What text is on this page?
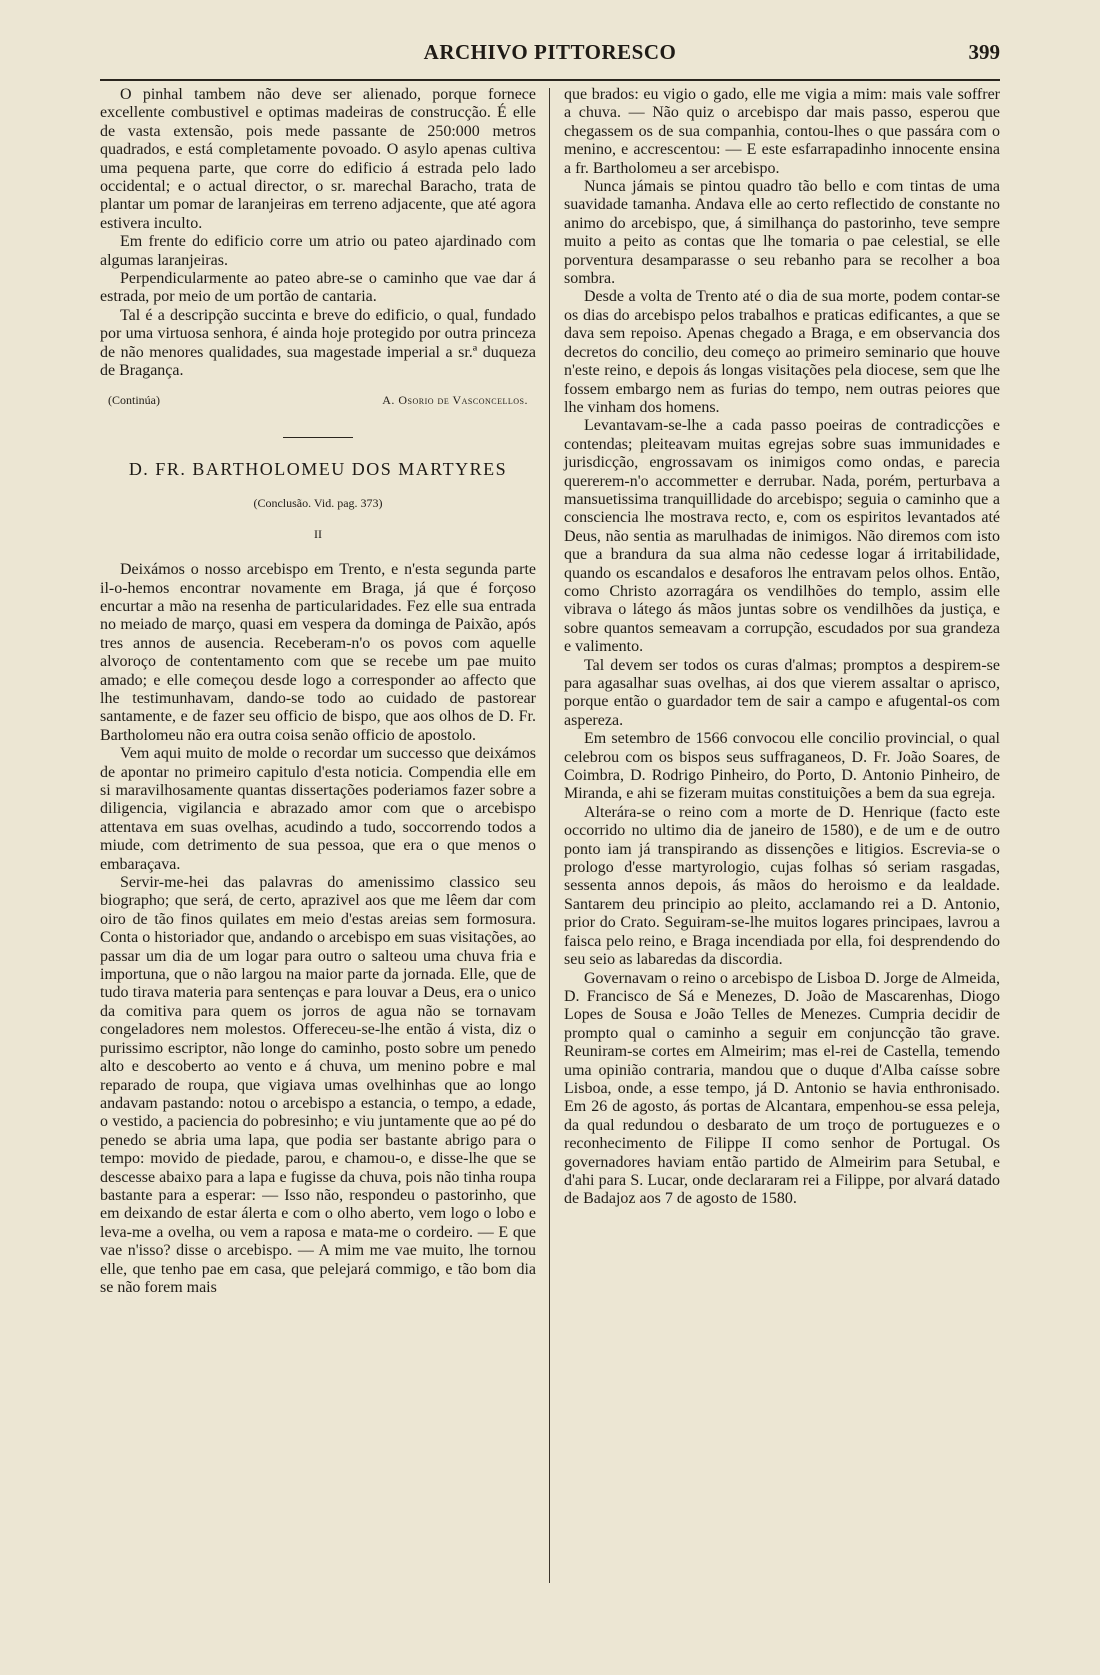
ARCHIVO PITTORESCO	399

O pinhal tambem não deve ser alienado, porque fornece excellente combustivel e optimas madeiras de construcção. É elle de vasta extensão, pois mede passante de 250:000 metros quadrados, e está completamente povoado. O asylo apenas cultiva uma pequena parte, que corre do edificio á estrada pelo lado occidental; e o actual director, o sr. marechal Baracho, trata de plantar um pomar de laranjeiras em terreno adjacente, que até agora estivera inculto.

Em frente do edificio corre um atrio ou pateo ajardinado com algumas laranjeiras.

Perpendicularmente ao pateo abre-se o caminho que vae dar á estrada, por meio de um portão de cantaria.

Tal é a descripção succinta e breve do edificio, o qual, fundado por uma virtuosa senhora, é ainda hoje protegido por outra princeza de não menores qualidades, sua magestade imperial a sr.ª duqueza de Bragança.

(Continúa)	A. Osorio de Vasconcellos.
D. FR. BARTHOLOMEU DOS MARTYRES
(Conclusão. Vid. pag. 373)
II

Deixámos o nosso arcebispo em Trento, e n'esta segunda parte il-o-hemos encontrar novamente em Braga, já que é forçoso encurtar a mão na resenha de particularidades. Fez elle sua entrada no meiado de março, quasi em vespera da dominga de Paixão, após tres annos de ausencia. Receberam-n'o os povos com aquelle alvoroço de contentamento com que se recebe um pae muito amado; e elle começou desde logo a corresponder ao affecto que lhe testimunhavam, dando-se todo ao cuidado de pastorear santamente, e de fazer seu officio de bispo, que aos olhos de D. Fr. Bartholomeu não era outra coisa senão officio de apostolo.

Vem aqui muito de molde o recordar um successo que deixámos de apontar no primeiro capitulo d'esta noticia. Compendia elle em si maravilhosamente quantas dissertações poderiamos fazer sobre a diligencia, vigilancia e abrazado amor com que o arcebispo attentava em suas ovelhas, acudindo a tudo, soccorrendo todos a miude, com detrimento de sua pessoa, que era o que menos o embaraçava.

Servir-me-hei das palavras do amenissimo classico seu biographo; que será, de certo, aprazivel aos que me lêem dar com oiro de tão finos quilates em meio d'estas areias sem formosura. Conta o historiador que, andando o arcebispo em suas visitações, ao passar um dia de um logar para outro o salteou uma chuva fria e importuna, que o não largou na maior parte da jornada. Elle, que de tudo tirava materia para sentenças e para louvar a Deus, era o unico da comitiva para quem os jorros de agua não se tornavam congeladores nem molestos. Offereceu-se-lhe então á vista, diz o purissimo escriptor, não longe do caminho, posto sobre um penedo alto e descoberto ao vento e á chuva, um menino pobre e mal reparado de roupa, que vigiava umas ovelhinhas que ao longo andavam pastando: notou o arcebispo a estancia, o tempo, a edade, o vestido, a paciencia do pobresinho; e viu juntamente que ao pé do penedo se abria uma lapa, que podia ser bastante abrigo para o tempo: movido de piedade, parou, e chamou-o, e disse-lhe que se descesse abaixo para a lapa e fugisse da chuva, pois não tinha roupa bastante para a esperar: — Isso não, respondeu o pastorinho, que em deixando de estar álerta e com o olho aberto, vem logo o lobo e leva-me a ovelha, ou vem a raposa e mata-me o cordeiro. — E que vae n'isso? disse o arcebispo. — A mim me vae muito, lhe tornou elle, que tenho pae em casa, que pelejará commigo, e tão bom dia se não forem mais

que brados: eu vigio o gado, elle me vigia a mim: mais vale soffrer a chuva. — Não quiz o arcebispo dar mais passo, esperou que chegassem os de sua companhia, contou-lhes o que passára com o menino, e accrescentou: — E este esfarrapadinho innocente ensina a fr. Bartholomeu a ser arcebispo.

Nunca jámais se pintou quadro tão bello e com tintas de uma suavidade tamanha. Andava elle ao certo reflectido de constante no animo do arcebispo, que, á similhança do pastorinho, teve sempre muito a peito as contas que lhe tomaria o pae celestial, se elle porventura desamparasse o seu rebanho para se recolher a boa sombra.

Desde a volta de Trento até o dia de sua morte, podem contar-se os dias do arcebispo pelos trabalhos e praticas edificantes, a que se dava sem repoiso. Apenas chegado a Braga, e em observancia dos decretos do concilio, deu começo ao primeiro seminario que houve n'este reino, e depois ás longas visitações pela diocese, sem que lhe fossem embargo nem as furias do tempo, nem outras peiores que lhe vinham dos homens.

Levantavam-se-lhe a cada passo poeiras de contradicções e contendas; pleiteavam muitas egrejas sobre suas immunidades e jurisdicção, engrossavam os inimigos como ondas, e parecia quererem-n'o accommetter e derrubar. Nada, porém, perturbava a mansuetissima tranquillidade do arcebispo; seguia o caminho que a consciencia lhe mostrava recto, e, com os espiritos levantados até Deus, não sentia as marulhadas de inimigos. Não diremos com isto que a brandura da sua alma não cedesse logar á irritabilidade, quando os escandalos e desaforos lhe entravam pelos olhos. Então, como Christo azorragára os vendilhões do templo, assim elle vibrava o látego ás mãos juntas sobre os vendilhões da justiça, e sobre quantos semeavam a corrupção, escudados por sua grandeza e valimento.

Tal devem ser todos os curas d'almas; promptos a despirem-se para agasalhar suas ovelhas, ai dos que vierem assaltar o aprisco, porque então o guardador tem de sair a campo e afugental-os com aspereza.

Em setembro de 1566 convocou elle concilio provincial, o qual celebrou com os bispos seus suffraganeos, D. Fr. João Soares, de Coimbra, D. Rodrigo Pinheiro, do Porto, D. Antonio Pinheiro, de Miranda, e ahi se fizeram muitas constituições a bem da sua egreja.

Alterára-se o reino com a morte de D. Henrique (facto este occorrido no ultimo dia de janeiro de 1580), e de um e de outro ponto iam já transpirando as dissenções e litigios. Escrevia-se o prologo d'esse martyrologio, cujas folhas só seriam rasgadas, sessenta annos depois, ás mãos do heroismo e da lealdade. Santarem deu principio ao pleito, acclamando rei a D. Antonio, prior do Crato. Seguiram-se-lhe muitos logares principaes, lavrou a faisca pelo reino, e Braga incendiada por ella, foi desprendendo do seu seio as labaredas da discordia.

Governavam o reino o arcebispo de Lisboa D. Jorge de Almeida, D. Francisco de Sá e Menezes, D. João de Mascarenhas, Diogo Lopes de Sousa e João Telles de Menezes. Cumpria decidir de prompto qual o caminho a seguir em conjuncção tão grave. Reuniram-se cortes em Almeirim; mas el-rei de Castella, temendo uma opinião contraria, mandou que o duque d'Alba caísse sobre Lisboa, onde, a esse tempo, já D. Antonio se havia enthronisado. Em 26 de agosto, ás portas de Alcantara, empenhou-se essa peleja, da qual redundou o desbarato de um troço de portuguezes e o reconhecimento de Filippe II como senhor de Portugal. Os governadores haviam então partido de Almeirim para Setubal, e d'ahi para S. Lucar, onde declararam rei a Filippe, por alvará datado de Badajoz aos 7 de agosto de 1580.
